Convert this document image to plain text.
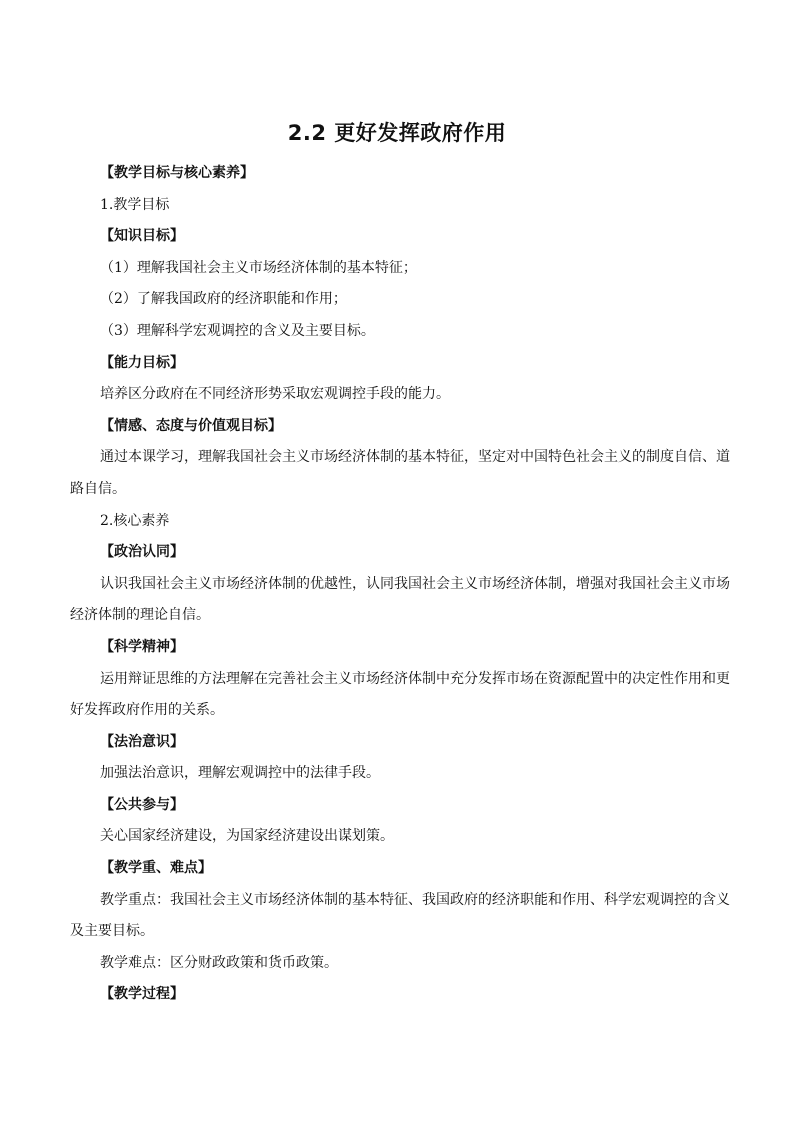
2.2 更好发挥政府作用

【教学目标与核心素养】

1.教学目标

【知识目标】

（1）理解我国社会主义市场经济体制的基本特征；

（2）了解我国政府的经济职能和作用；

（3）理解科学宏观调控的含义及主要目标。

【能力目标】

培养区分政府在不同经济形势采取宏观调控手段的能力。

【情感、态度与价值观目标】

通过本课学习，理解我国社会主义市场经济体制的基本特征，坚定对中国特色社会主义的制度自信、道路自信。

2.核心素养

【政治认同】

认识我国社会主义市场经济体制的优越性，认同我国社会主义市场经济体制，增强对我国社会主义市场经济体制的理论自信。

【科学精神】

运用辩证思维的方法理解在完善社会主义市场经济体制中充分发挥市场在资源配置中的决定性作用和更好发挥政府作用的关系。

【法治意识】

加强法治意识，理解宏观调控中的法律手段。

【公共参与】

关心国家经济建设，为国家经济建设出谋划策。

【教学重、难点】

教学重点：我国社会主义市场经济体制的基本特征、我国政府的经济职能和作用、科学宏观调控的含义及主要目标。

教学难点：区分财政政策和货币政策。

【教学过程】
